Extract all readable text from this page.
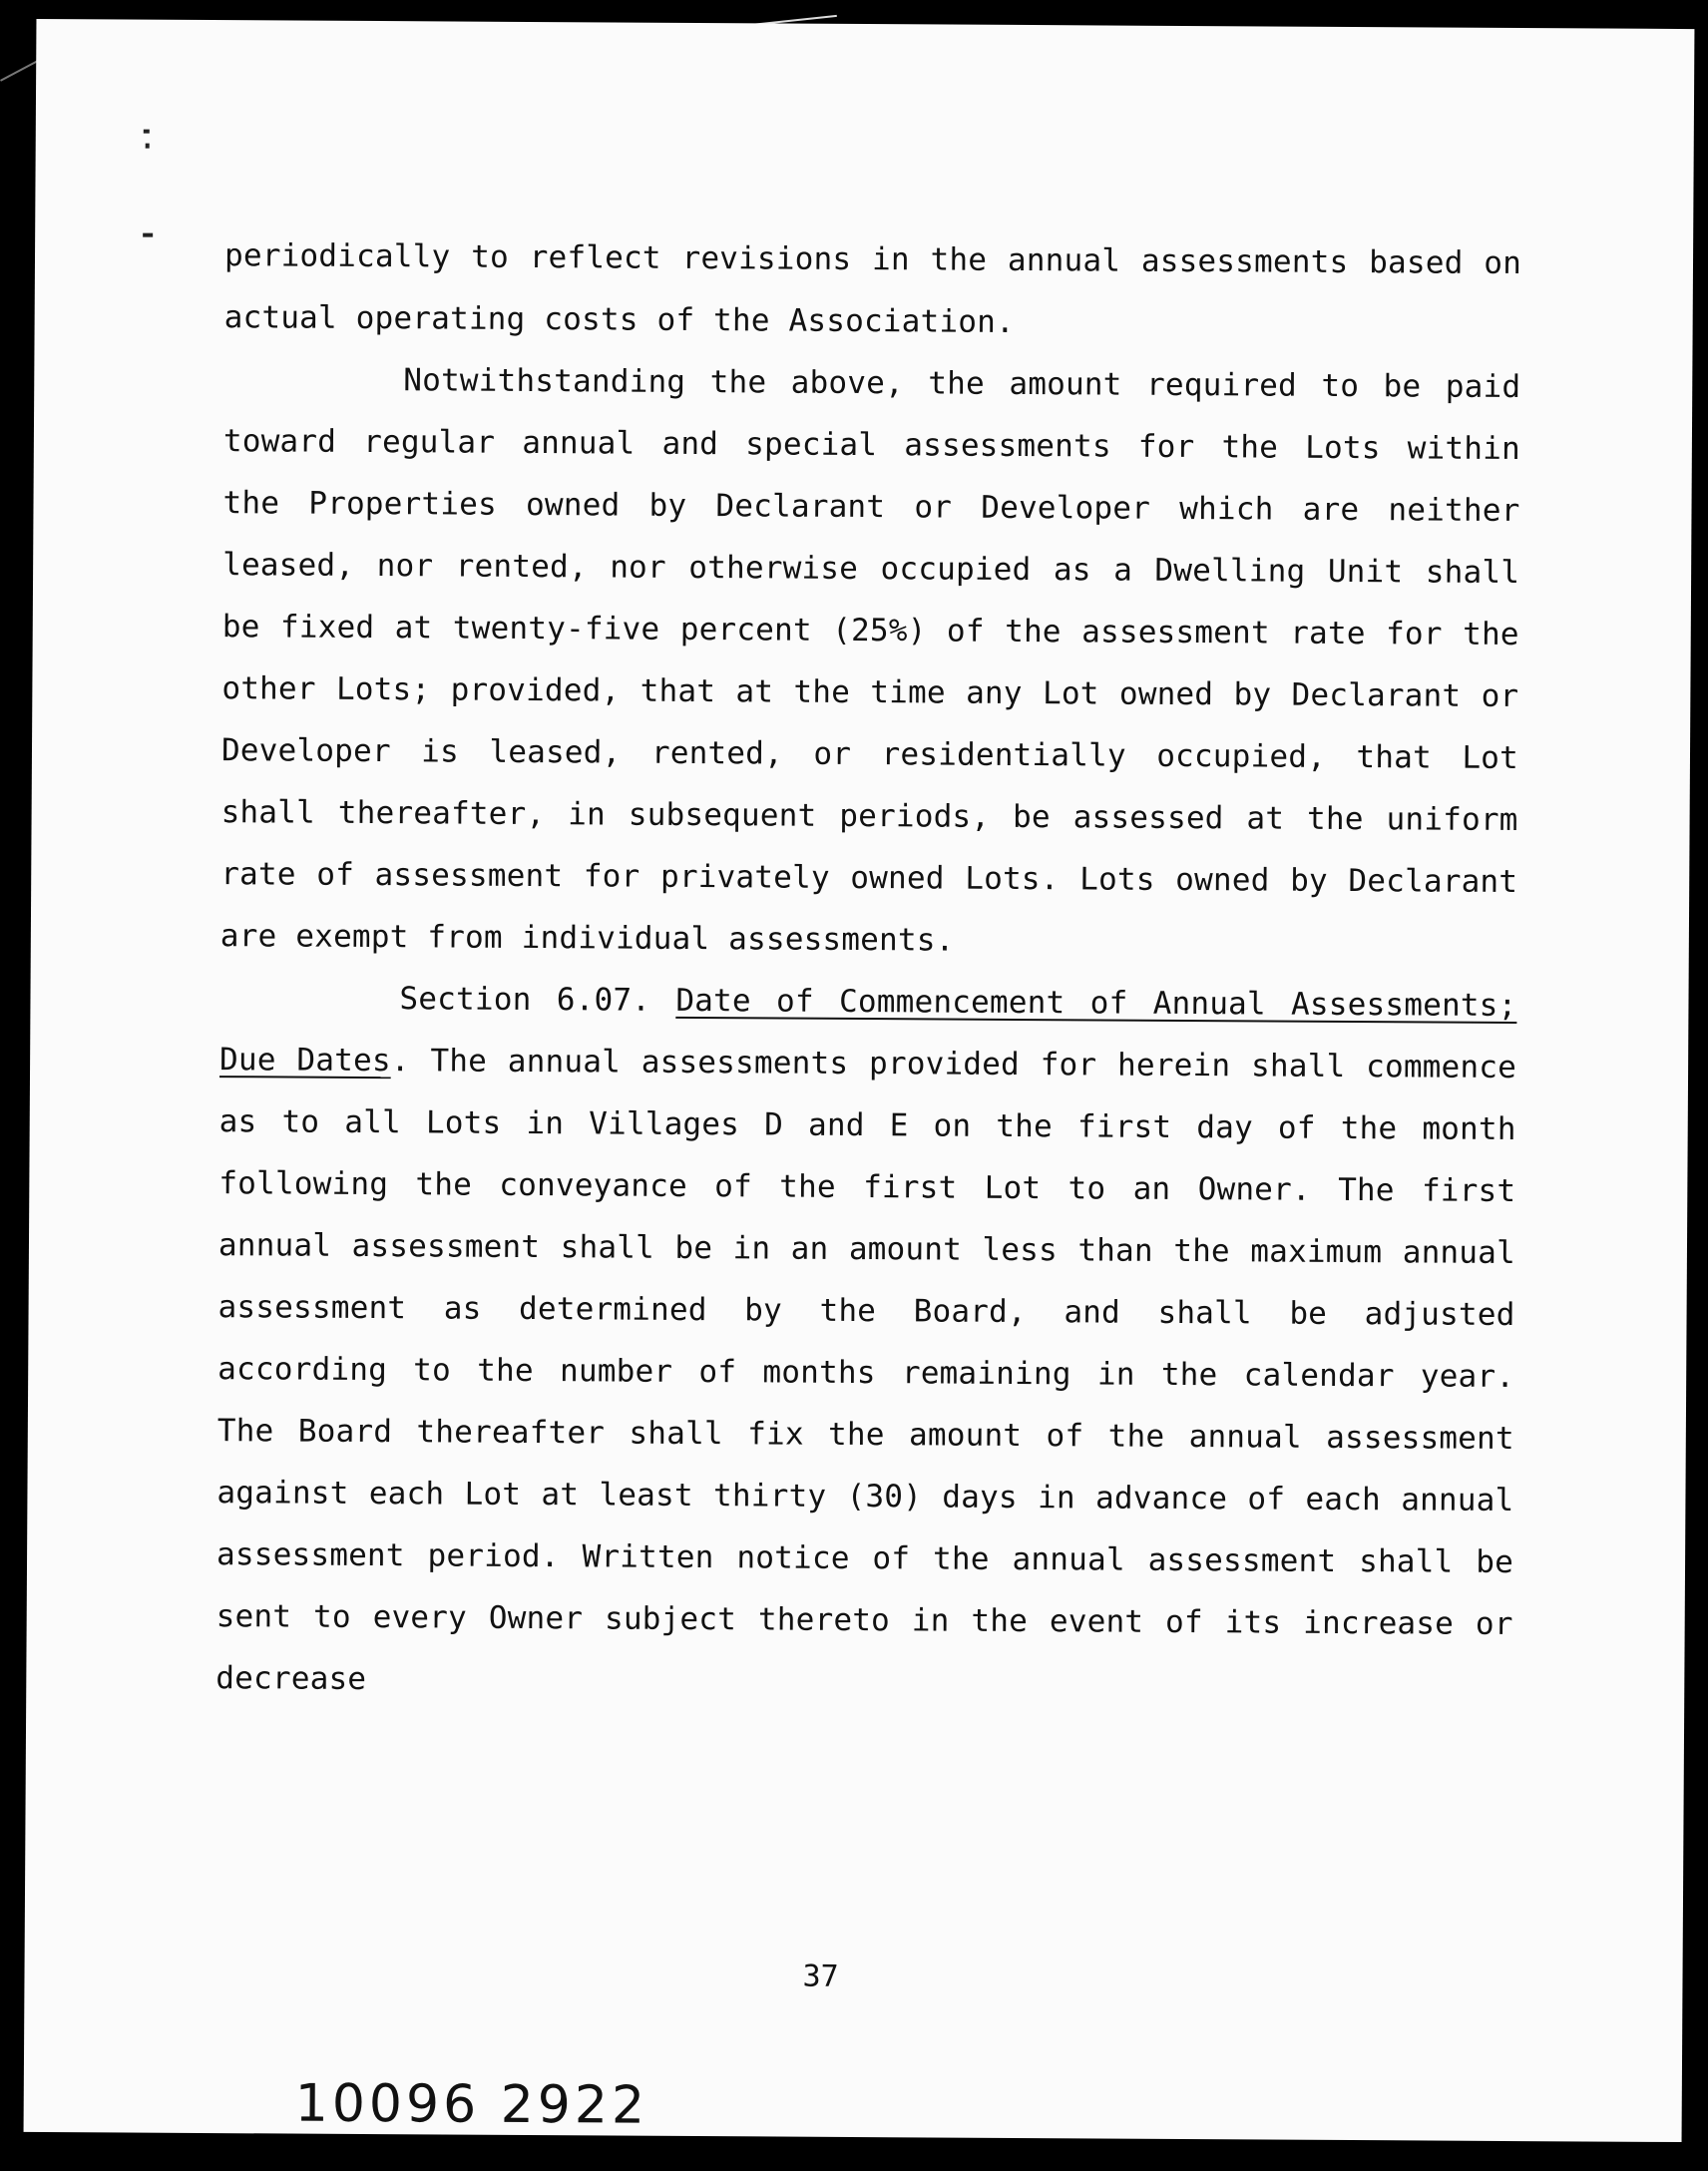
periodically to reflect revisions in the annual assessments based on actual operating costs of the Association.

Notwithstanding the above, the amount required to be paid toward regular annual and special assessments for the Lots within the Properties owned by Declarant or Developer which are neither leased, nor rented, nor otherwise occupied as a Dwelling Unit shall be fixed at twenty-five percent (25%) of the assessment rate for the other Lots; provided, that at the time any Lot owned by Declarant or Developer is leased, rented, or residentially occupied, that Lot shall thereafter, in subsequent periods, be assessed at the uniform rate of assessment for privately owned Lots. Lots owned by Declarant are exempt from individual assessments.

Section 6.07. Date of Commencement of Annual Assessments; Due Dates. The annual assessments provided for herein shall commence as to all Lots in Villages D and E on the first day of the month following the conveyance of the first Lot to an Owner. The first annual assessment shall be in an amount less than the maximum annual assessment as determined by the Board, and shall be adjusted according to the number of months remaining in the calendar year. The Board thereafter shall fix the amount of the annual assessment against each Lot at least thirty (30) days in advance of each annual assessment period. Written notice of the annual assessment shall be sent to every Owner subject thereto in the event of its increase or decrease

37
10096 2922
